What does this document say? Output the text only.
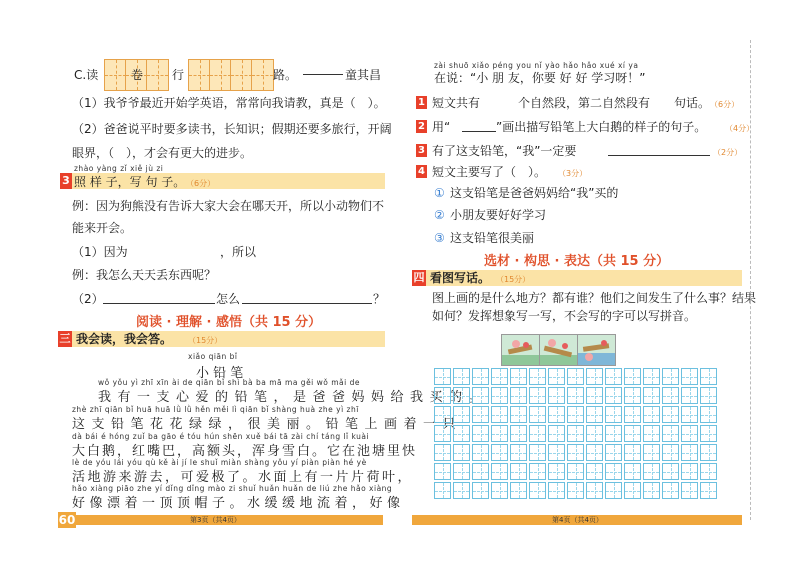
C.读	卷 行	路。	童其昌
（1）我爷爷最近开始学英语，常常向我请教，真是（　）。
（2）爸爸说平时要多读书，长知识；假期还要多旅行，开阔
眼界，（　），才会有更大的进步。
3
zhào yàng zǐ xiě jù zi
照 样 子，写 句 子。 （6分）
例：因为狗熊没有告诉大家大会在哪天开，所以小动物们不
能来开会。
（1）因为	，所以
例：我怎么天天丢东西呢？
（2）	怎么	？
阅读 · 理解 · 感悟（共 15 分）
三 我会读，我会答。 （15分）
xiǎo qiān bǐ
小 铅 笔
wǒ yǒu yì zhī xīn ài de qiān bǐ shì bà ba mā ma gěi wǒ mǎi de
我有一支心爱的铅笔，是爸爸妈妈给我买的。
zhè zhī qiān bǐ huā huā lǜ lǜ hěn měi lì qiān bǐ shàng huà zhe yì zhī
这支铅笔花花绿绿，很美丽。铅笔上画着一只
dà bái é hóng zuǐ ba gāo é tóu hún shēn xuě bái tā zài chí táng lǐ kuài
大白鹅，红嘴巴，高额头，浑身雪白。它在池塘里快
lè de yóu lái yóu qù kě ài jí le shuǐ miàn shàng yǒu yí piàn piàn hé yè
活地游来游去，可爱极了。水面上有一片片荷叶，
hǎo xiàng piāo zhe yí dǐng dǐng mào zi shuǐ huǎn huǎn de liú zhe hǎo xiàng
好像漂着一顶顶帽子。水缓缓地流着，好像
60	第3页（共4页）
zài shuō xiǎo péng you nǐ yào hǎo hǎo xué xí ya
在说：“小 朋 友，你要 好 好 学习呀！”
1 短文共有	个自然段，第二自然段有 句话。 （6分）
2 用“	”画出描写铅笔上大白鹅的样子的句子。 （4分）
3 有了这支铅笔，“我”一定要	（2分）
4 短文主要写了（　）。 （3分）
① 这支铅笔是爸爸妈妈给“我”买的
② 小朋友要好好学习
③ 这支铅笔很美丽
选材 · 构思 · 表达（共 15 分）
四 看图写话。 （15分）
图上画的是什么地方？都有谁？他们之间发生了什么事？结果
如何？发挥想象写一写，不会写的字可以写拼音。
第4页（共4页）
